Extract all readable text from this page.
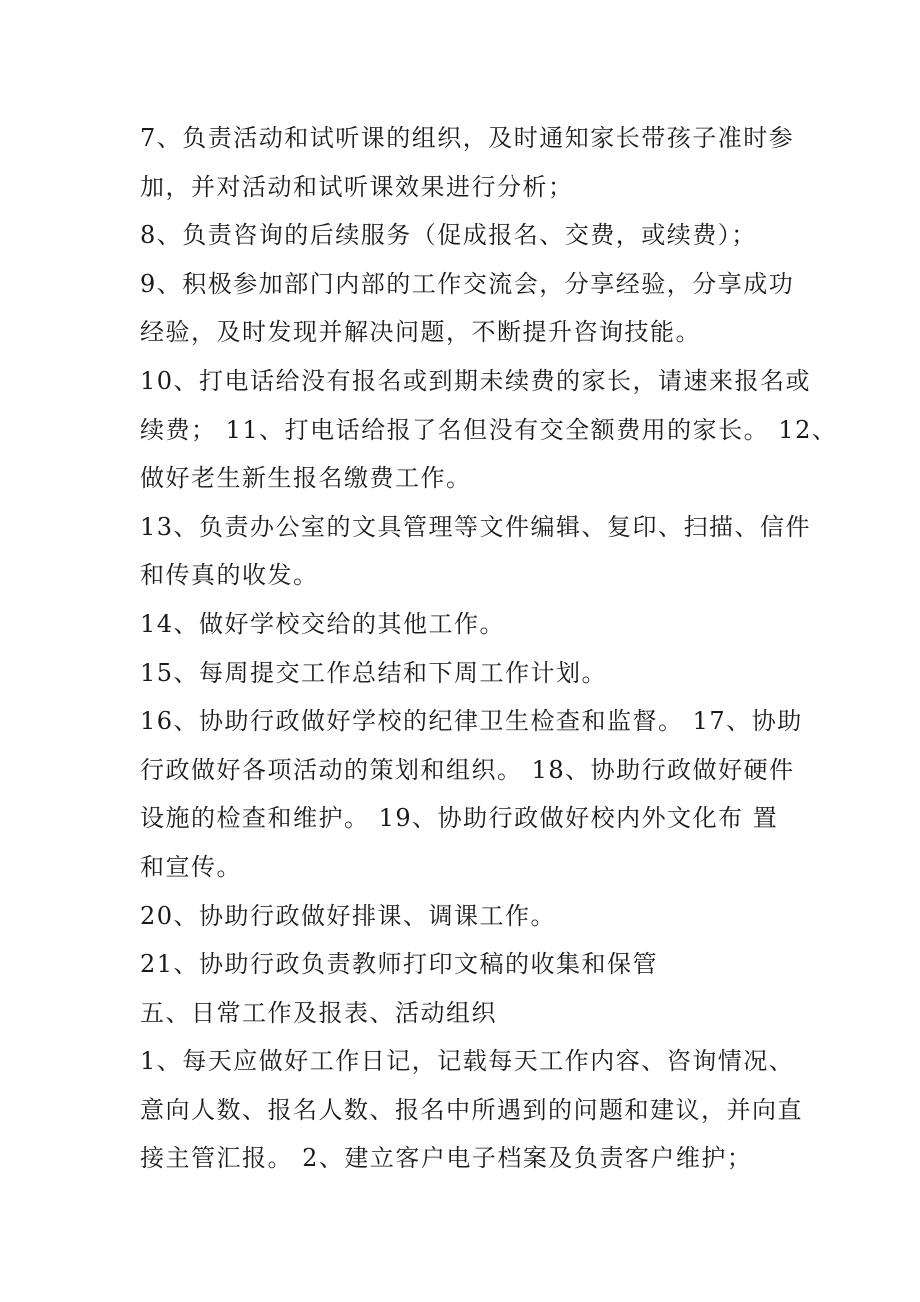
7、负责活动和试听课的组织，及时通知家长带孩子准时参
加，并对活动和试听课效果进行分析；
8、负责咨询的后续服务（促成报名、交费，或续费）；
9、积极参加部门内部的工作交流会，分享经验，分享成功
经验，及时发现并解决问题，不断提升咨询技能。
10、打电话给没有报名或到期未续费的家长，请速来报名或
续费； 11、打电话给报了名但没有交全额费用的家长。 12、
做好老生新生报名缴费工作。
13、负责办公室的文具管理等文件编辑、复印、扫描、信件
和传真的收发。
14、做好学校交给的其他工作。
15、每周提交工作总结和下周工作计划。
16、协助行政做好学校的纪律卫生检查和监督。 17、协助
行政做好各项活动的策划和组织。 18、协助行政做好硬件
设施的检查和维护。 19、协助行政做好校内外文化布 置
和宣传。
20、协助行政做好排课、调课工作。
21、协助行政负责教师打印文稿的收集和保管
五、日常工作及报表、活动组织
1、每天应做好工作日记，记载每天工作内容、咨询情况、
意向人数、报名人数、报名中所遇到的问题和建议，并向直
接主管汇报。 2、建立客户电子档案及负责客户维护；
